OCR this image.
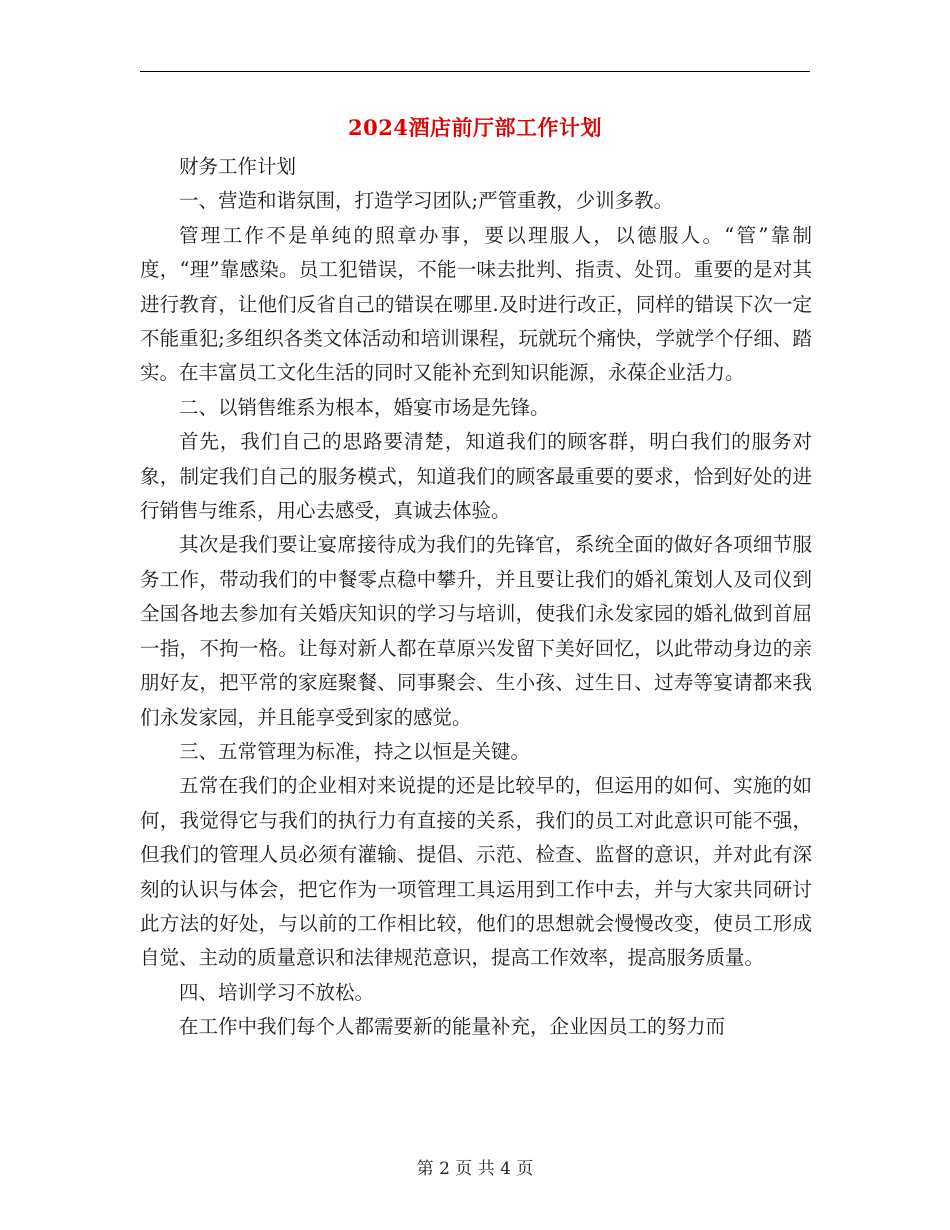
2024酒店前厅部工作计划

财务工作计划

一、营造和谐氛围，打造学习团队;严管重教，少训多教。

管理工作不是单纯的照章办事，要以理服人，以德服人。“管”靠制度，“理”靠感染。员工犯错误，不能一味去批判、指责、处罚。重要的是对其进行教育，让他们反省自己的错误在哪里.及时进行改正，同样的错误下次一定不能重犯;多组织各类文体活动和培训课程，玩就玩个痛快，学就学个仔细、踏实。在丰富员工文化生活的同时又能补充到知识能源，永葆企业活力。

二、以销售维系为根本，婚宴市场是先锋。

首先，我们自己的思路要清楚，知道我们的顾客群，明白我们的服务对象，制定我们自己的服务模式，知道我们的顾客最重要的要求，恰到好处的进行销售与维系，用心去感受，真诚去体验。

其次是我们要让宴席接待成为我们的先锋官，系统全面的做好各项细节服务工作，带动我们的中餐零点稳中攀升，并且要让我们的婚礼策划人及司仪到全国各地去参加有关婚庆知识的学习与培训，使我们永发家园的婚礼做到首屈一指，不拘一格。让每对新人都在草原兴发留下美好回忆，以此带动身边的亲朋好友，把平常的家庭聚餐、同事聚会、生小孩、过生日、过寿等宴请都来我们永发家园，并且能享受到家的感觉。

三、五常管理为标准，持之以恒是关键。

五常在我们的企业相对来说提的还是比较早的，但运用的如何、实施的如何，我觉得它与我们的执行力有直接的关系，我们的员工对此意识可能不强，但我们的管理人员必须有灌输、提倡、示范、检查、监督的意识，并对此有深刻的认识与体会，把它作为一项管理工具运用到工作中去，并与大家共同研讨此方法的好处，与以前的工作相比较，他们的思想就会慢慢改变，使员工形成自觉、主动的质量意识和法律规范意识，提高工作效率，提高服务质量。

四、培训学习不放松。

在工作中我们每个人都需要新的能量补充，企业因员工的努力而

第 2 页 共 4 页
